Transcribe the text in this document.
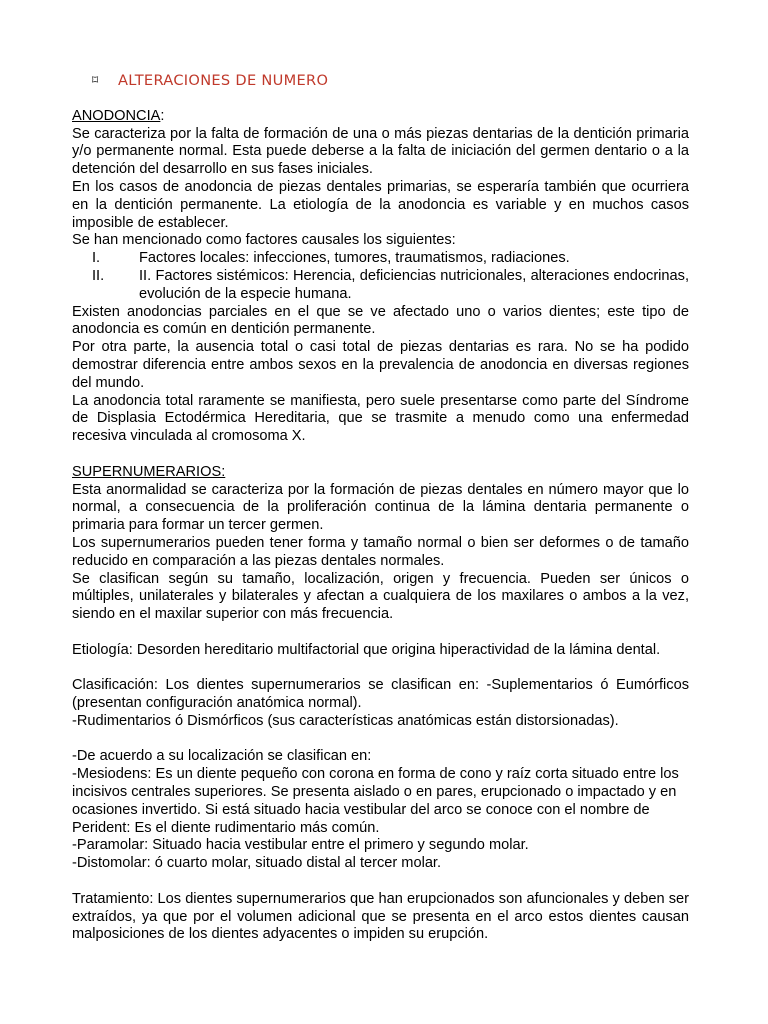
⌑	ALTERACIONES DE NUMERO

ANODONCIA:

Se caracteriza por la falta de formación de una o más piezas dentarias de la dentición primaria y/o permanente normal. Esta puede deberse a la falta de iniciación del germen dentario o a la detención del desarrollo en sus fases iniciales.

En los casos de anodoncia de piezas dentales primarias, se esperaría también que ocurriera en la dentición permanente. La etiología de la anodoncia es variable y en muchos casos imposible de establecer.

Se han mencionado como factores causales los siguientes:

I.	Factores locales: infecciones, tumores, traumatismos, radiaciones.
II.	II. Factores sistémicos: Herencia, deficiencias nutricionales, alteraciones endocrinas, evolución de la especie humana.

Existen anodoncias parciales en el que se ve afectado uno o varios dientes; este tipo de anodoncia es común en dentición permanente.

Por otra parte, la ausencia total o casi total de piezas dentarias es rara. No se ha podido demostrar diferencia entre ambos sexos en la prevalencia de anodoncia en diversas regiones del mundo.

La anodoncia total raramente se manifiesta, pero suele presentarse como parte del Síndrome de Displasia Ectodérmica Hereditaria, que se trasmite a menudo como una enfermedad recesiva vinculada al cromosoma X.

SUPERNUMERARIOS:

Esta anormalidad se caracteriza por la formación de piezas dentales en número mayor que lo normal, a consecuencia de la proliferación continua de la lámina dentaria permanente o primaria para formar un tercer germen.

Los supernumerarios pueden tener forma y tamaño normal o bien ser deformes o de tamaño reducido en comparación a las piezas dentales normales.

Se clasifican según su tamaño, localización, origen y frecuencia. Pueden ser únicos o múltiples, unilaterales y bilaterales y afectan a cualquiera de los maxilares o ambos a la vez, siendo en el maxilar superior con más frecuencia.

Etiología: Desorden hereditario multifactorial que origina hiperactividad de la lámina dental.

Clasificación: Los dientes supernumerarios se clasifican en: -Suplementarios ó Eumórficos (presentan configuración anatómica normal).

-Rudimentarios ó Dismórficos (sus características anatómicas están distorsionadas).

-De acuerdo a su localización se clasifican en:

-Mesiodens: Es un diente pequeño con corona en forma de cono y raíz corta situado entre los incisivos centrales superiores. Se presenta aislado o en pares, erupcionado o impactado y en ocasiones invertido. Si está situado hacia vestibular del arco se conoce con el nombre de Perident: Es el diente rudimentario más común.

-Paramolar: Situado hacia vestibular entre el primero y segundo molar.

-Distomolar: ó cuarto molar, situado distal al tercer molar.

Tratamiento: Los dientes supernumerarios que han erupcionados son afuncionales y deben ser extraídos, ya que por el volumen adicional que se presenta en el arco estos dientes causan malposiciones de los dientes adyacentes o impiden su erupción.
